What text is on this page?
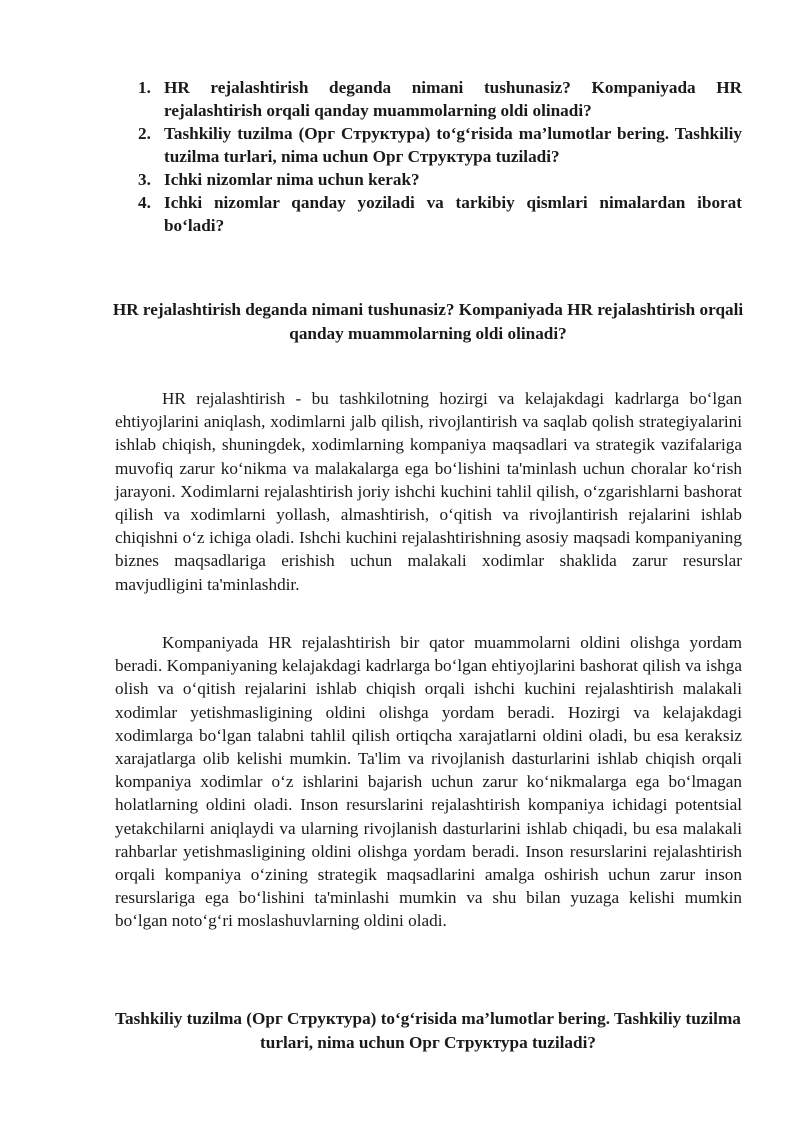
1. HR rejalashtirish deganda nimani tushunasiz? Kompaniyada HR rejalashtirish orqali qanday muammolarning oldi olinadi?
2. Tashkiliy tuzilma (Орг Структура) to‘g‘risida ma’lumotlar bering. Tashkiliy tuzilma turlari, nima uchun Орг Структура tuziladi?
3. Ichki nizomlar nima uchun kerak?
4. Ichki nizomlar qanday yoziladi va tarkibiy qismlari nimalardan iborat bo‘ladi?
HR rejalashtirish deganda nimani tushunasiz? Kompaniyada HR rejalashtirish orqali qanday muammolarning oldi olinadi?

HR rejalashtirish - bu tashkilotning hozirgi va kelajakdagi kadrlarga bo‘lgan ehtiyojlarini aniqlash, xodimlarni jalb qilish, rivojlantirish va saqlab qolish strategiyalarini ishlab chiqish, shuningdek, xodimlarning kompaniya maqsadlari va strategik vazifalariga muvofiq zarur ko‘nikma va malakalarga ega bo‘lishini ta'minlash uchun choralar ko‘rish jarayoni. Xodimlarni rejalashtirish joriy ishchi kuchini tahlil qilish, o‘zgarishlarni bashorat qilish va xodimlarni yollash, almashtirish, o‘qitish va rivojlantirish rejalarini ishlab chiqishni o‘z ichiga oladi. Ishchi kuchini rejalashtirishning asosiy maqsadi kompaniyaning biznes maqsadlariga erishish uchun malakali xodimlar shaklida zarur resurslar mavjudligini ta'minlashdir.

Kompaniyada HR rejalashtirish bir qator muammolarni oldini olishga yordam beradi. Kompaniyaning kelajakdagi kadrlarga bo‘lgan ehtiyojlarini bashorat qilish va ishga olish va o‘qitish rejalarini ishlab chiqish orqali ishchi kuchini rejalashtirish malakali xodimlar yetishmasligining oldini olishga yordam beradi. Hozirgi va kelajakdagi xodimlarga bo‘lgan talabni tahlil qilish ortiqcha xarajatlarni oldini oladi, bu esa keraksiz xarajatlarga olib kelishi mumkin. Ta'lim va rivojlanish dasturlarini ishlab chiqish orqali kompaniya xodimlar o‘z ishlarini bajarish uchun zarur ko‘nikmalarga ega bo‘lmagan holatlarning oldini oladi. Inson resurslarini rejalashtirish kompaniya ichidagi potentsial yetakchilarni aniqlaydi va ularning rivojlanish dasturlarini ishlab chiqadi, bu esa malakali rahbarlar yetishmasligining oldini olishga yordam beradi. Inson resurslarini rejalashtirish orqali kompaniya o‘zining strategik maqsadlarini amalga oshirish uchun zarur inson resurslariga ega bo‘lishini ta'minlashi mumkin va shu bilan yuzaga kelishi mumkin bo‘lgan noto‘g‘ri moslashuvlarning oldini oladi.

Tashkiliy tuzilma (Орг Структура) to‘g‘risida ma’lumotlar bering. Tashkiliy tuzilma turlari, nima uchun Орг Структура tuziladi?
